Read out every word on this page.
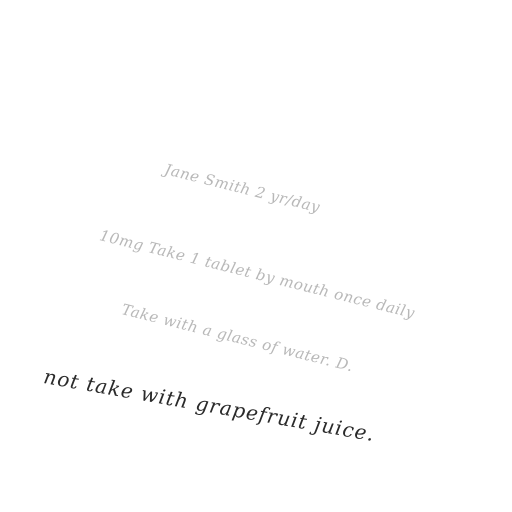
Jane Smith 2 yr/day
10mg Take 1 tablet by mouth once daily
Take with a glass of water. D.
not take with grapefruit juice.
